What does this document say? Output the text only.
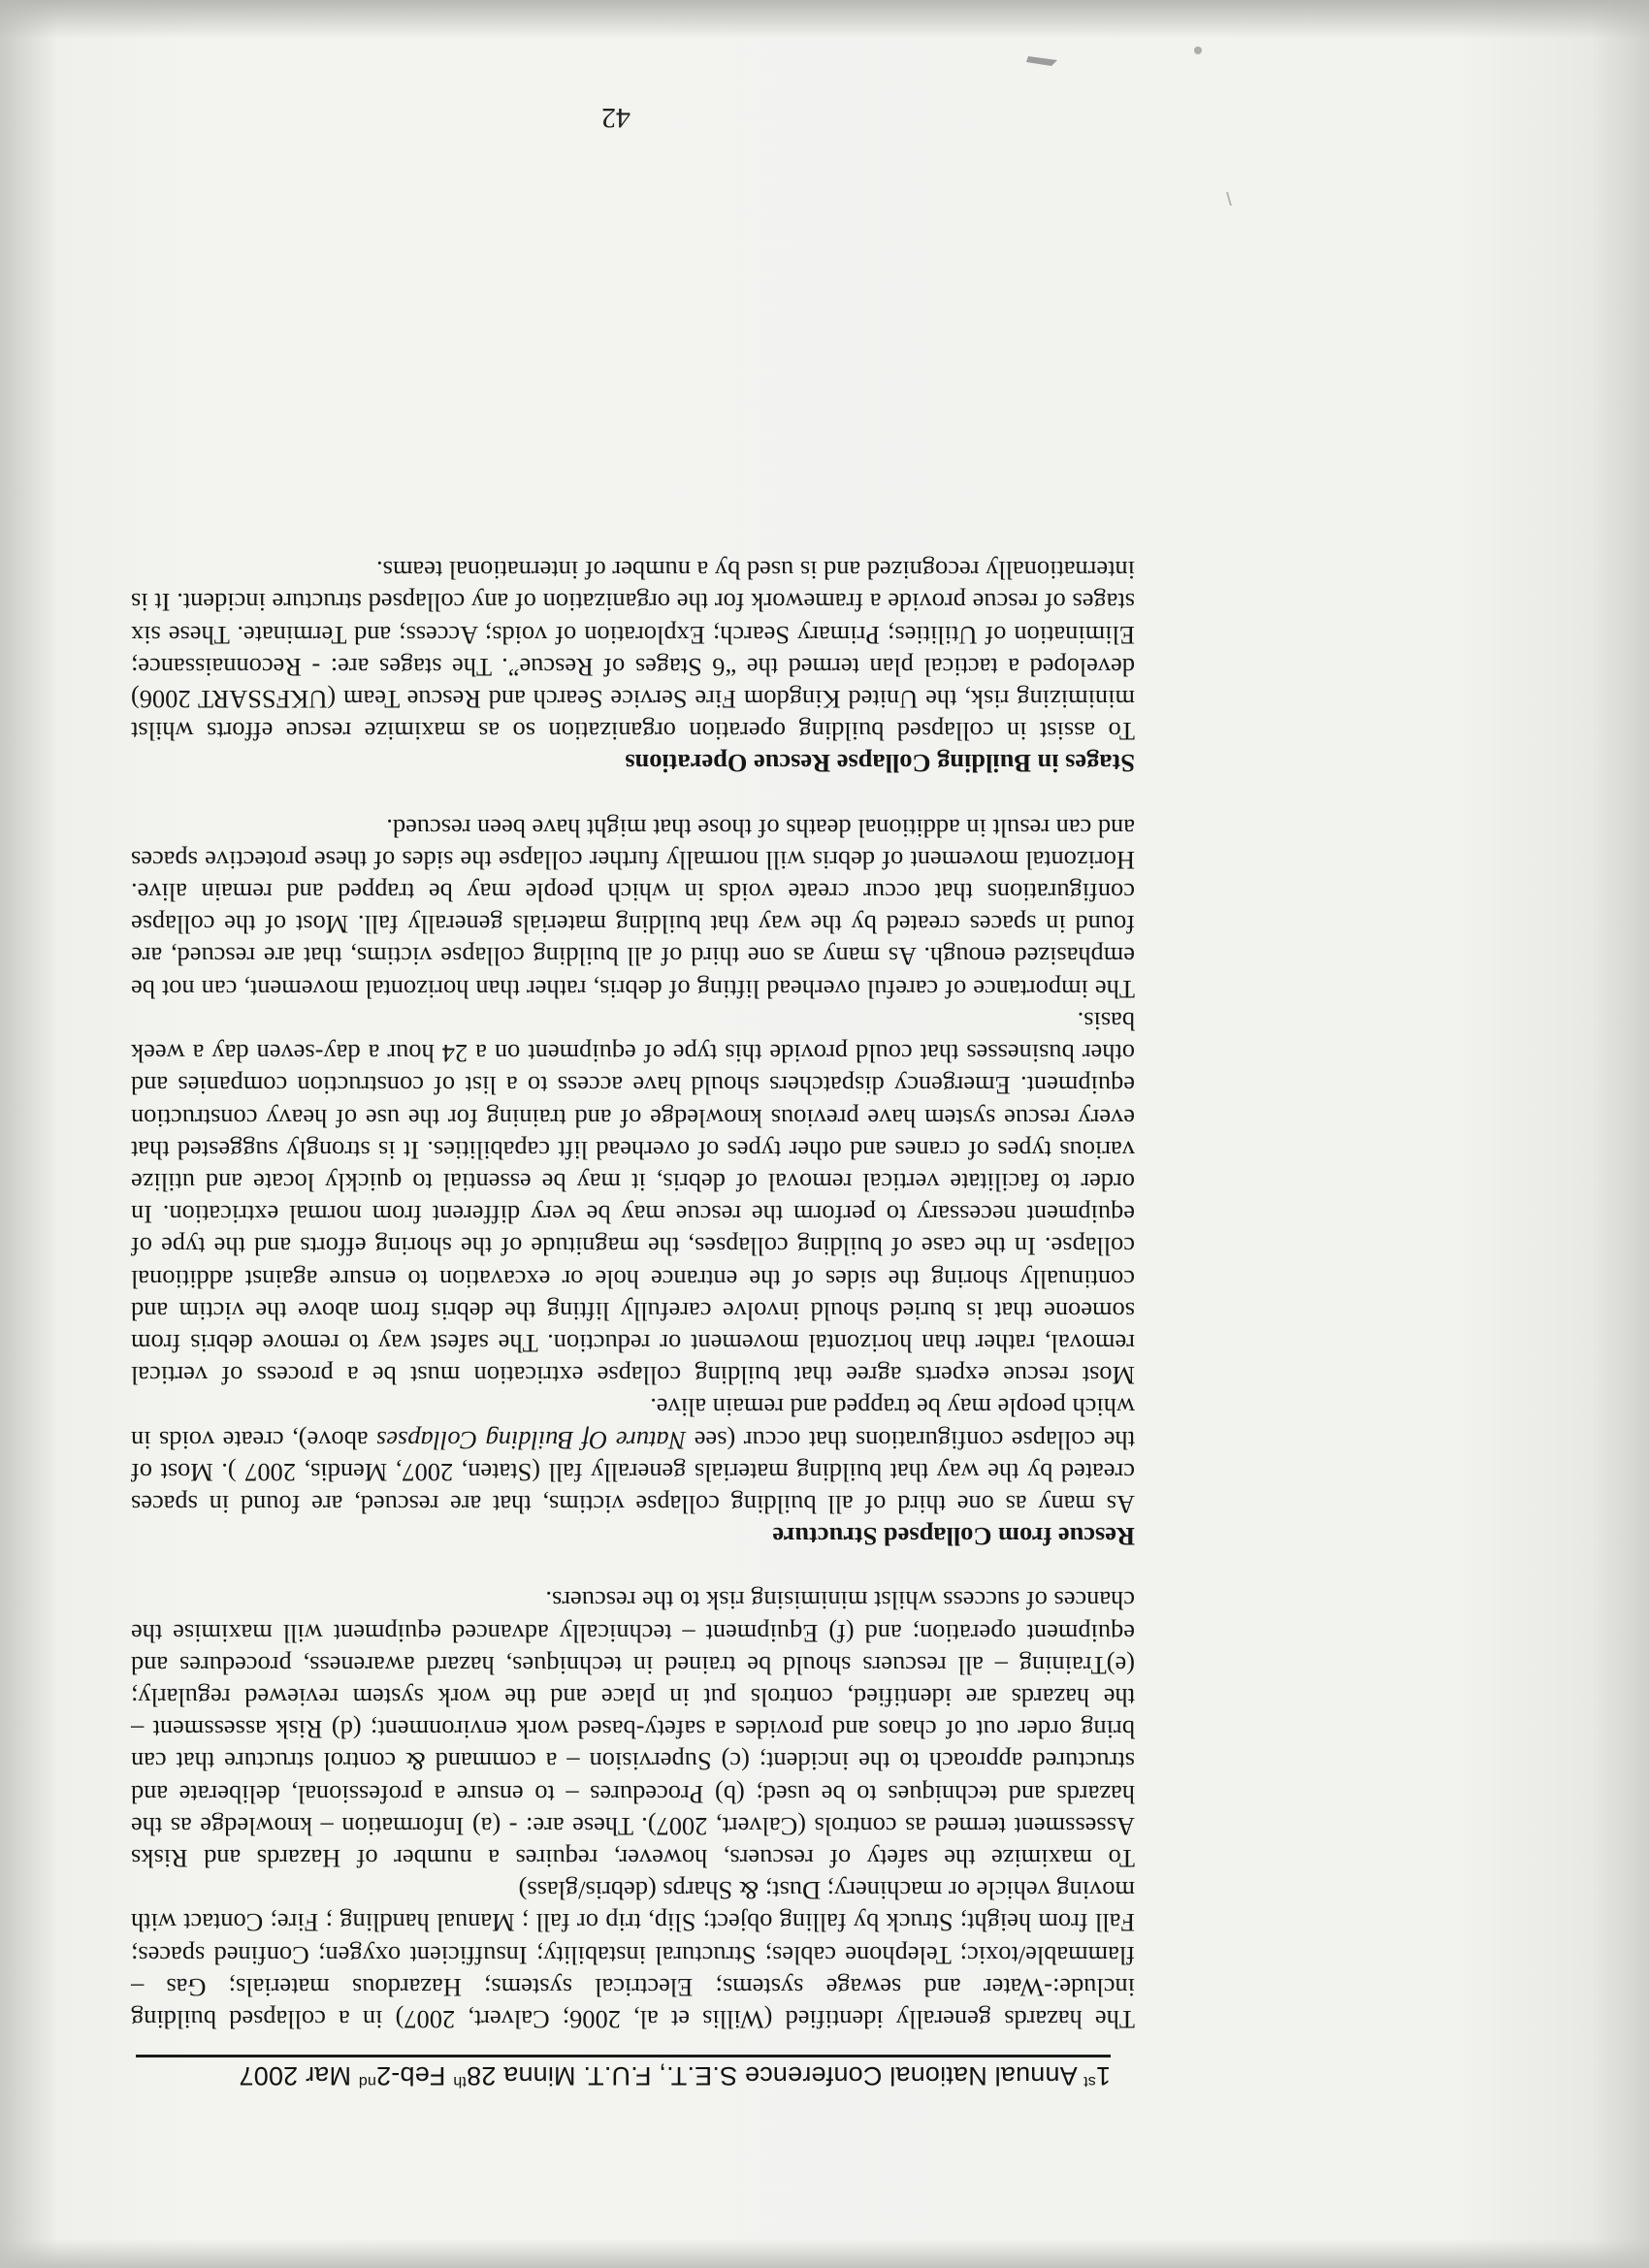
1st Annual National Conference S.E.T., F.U.T. Minna 28th Feb-2nd Mar 2007

The hazards generally identified (Willis et al, 2006; Calvert, 2007) in a collapsed building include:-Water and sewage systems; Electrical systems; Hazardous materials; Gas – flammable/toxic; Telephone cables; Structural instability; Insufficient oxygen; Confined spaces; Fall from height; Struck by falling object; Slip, trip or fall ; Manual handling ; Fire; Contact with moving vehicle or machinery; Dust; & Sharps (debris/glass)

To maximize the safety of rescuers, however, requires a number of Hazards and Risks Assessment termed as controls (Calvert, 2007). These are: - (a) Information – knowledge as the hazards and techniques to be used; (b) Procedures – to ensure a professional, deliberate and structured approach to the incident; (c) Supervision – a command & control structure that can bring order out of chaos and provides a safety-based work environment; (d) Risk assessment – the hazards are identified, controls put in place and the work system reviewed regularly; (e)Training – all rescuers should be trained in techniques, hazard awareness, procedures and equipment operation; and (f) Equipment – technically advanced equipment will maximise the chances of success whilst minimising risk to the rescuers.

Rescue from Collapsed Structure

As many as one third of all building collapse victims, that are rescued, are found in spaces created by the way that building materials generally fall (Staten, 2007, Mendis, 2007 ). Most of the collapse configurations that occur (see Nature Of Building Collapses above), create voids in which people may be trapped and remain alive.

Most rescue experts agree that building collapse extrication must be a process of vertical removal, rather than horizontal movement or reduction. The safest way to remove debris from someone that is buried should involve carefully lifting the debris from above the victim and continually shoring the sides of the entrance hole or excavation to ensure against additional collapse. In the case of building collapses, the magnitude of the shoring efforts and the type of equipment necessary to perform the rescue may be very different from normal extrication. In order to facilitate vertical removal of debris, it may be essential to quickly locate and utilize various types of cranes and other types of overhead lift capabilities. It is strongly suggested that every rescue system have previous knowledge of and training for the use of heavy construction equipment. Emergency dispatchers should have access to a list of construction companies and other businesses that could provide this type of equipment on a 24 hour a day-seven day a week basis.

The importance of careful overhead lifting of debris, rather than horizontal movement, can not be emphasized enough. As many as one third of all building collapse victims, that are rescued, are found in spaces created by the way that building materials generally fall. Most of the collapse configurations that occur create voids in which people may be trapped and remain alive. Horizontal movement of debris will normally further collapse the sides of these protective spaces and can result in additional deaths of those that might have been rescued.

Stages in Building Collapse Rescue Operations

To assist in collapsed building operation organization so as maximize rescue efforts whilst minimizing risk, the United Kingdom Fire Service Search and Rescue Team (UKFSSART 2006) developed a tactical plan termed the “6 Stages of Rescue”. The stages are: - Reconnaissance; Elimination of Utilities; Primary Search; Exploration of voids; Access; and Terminate. These six stages of rescue provide a framework for the organization of any collapsed structure incident. It is internationally recognized and is used by a number of international teams.

42
